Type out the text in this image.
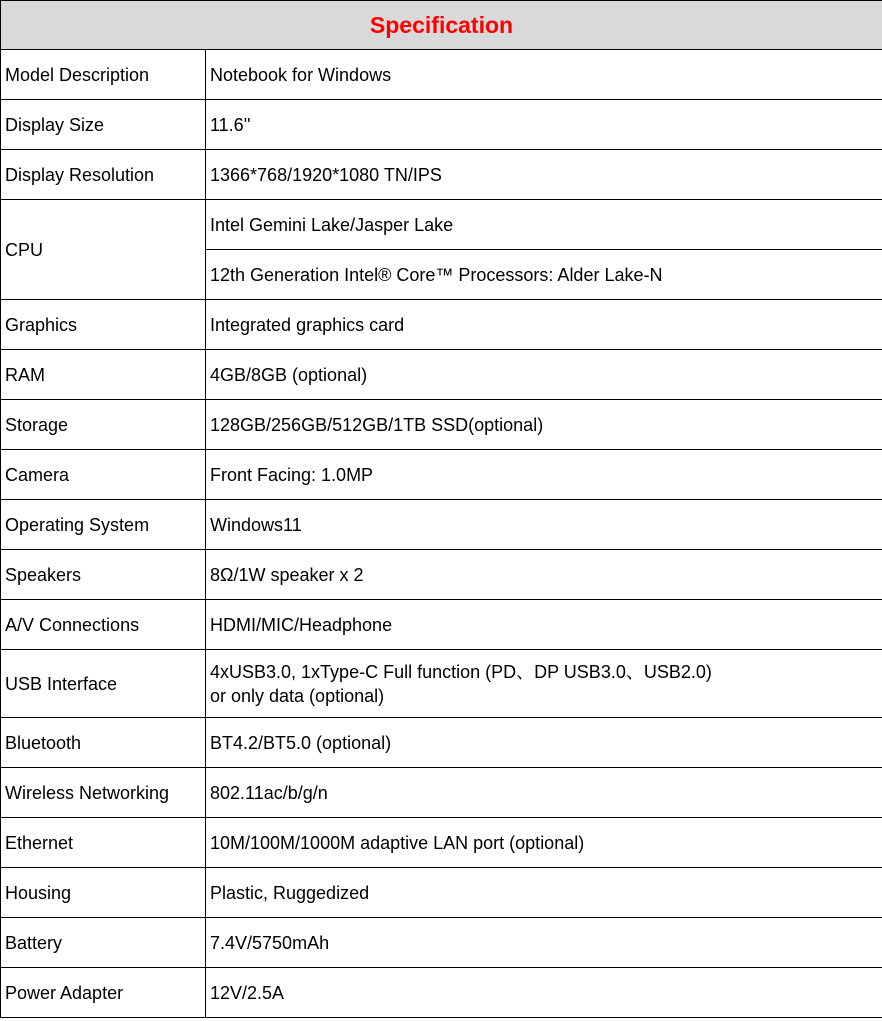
Specification	
Model Description	Notebook for Windows
Display Size	11.6''
Display Resolution	1366*768/1920*1080 TN/IPS
CPU	Intel Gemini Lake/Jasper Lake
	12th Generation Intel® Core™ Processors: Alder Lake-N
Graphics	Integrated graphics card
RAM	4GB/8GB (optional)
Storage	128GB/256GB/512GB/1TB SSD(optional)
Camera	Front Facing: 1.0MP
Operating System	Windows11
Speakers	8Ω/1W speaker x 2
A/V Connections	HDMI/MIC/Headphone
USB Interface	4xUSB3.0, 1xType-C Full function (PD、DP USB3.0、USB2.0)
or only data (optional)
Bluetooth	BT4.2/BT5.0 (optional)
Wireless Networking	802.11ac/b/g/n
Ethernet	10M/100M/1000M adaptive LAN port (optional)
Housing	Plastic, Ruggedized
Battery	7.4V/5750mAh
Power Adapter	12V/2.5A
